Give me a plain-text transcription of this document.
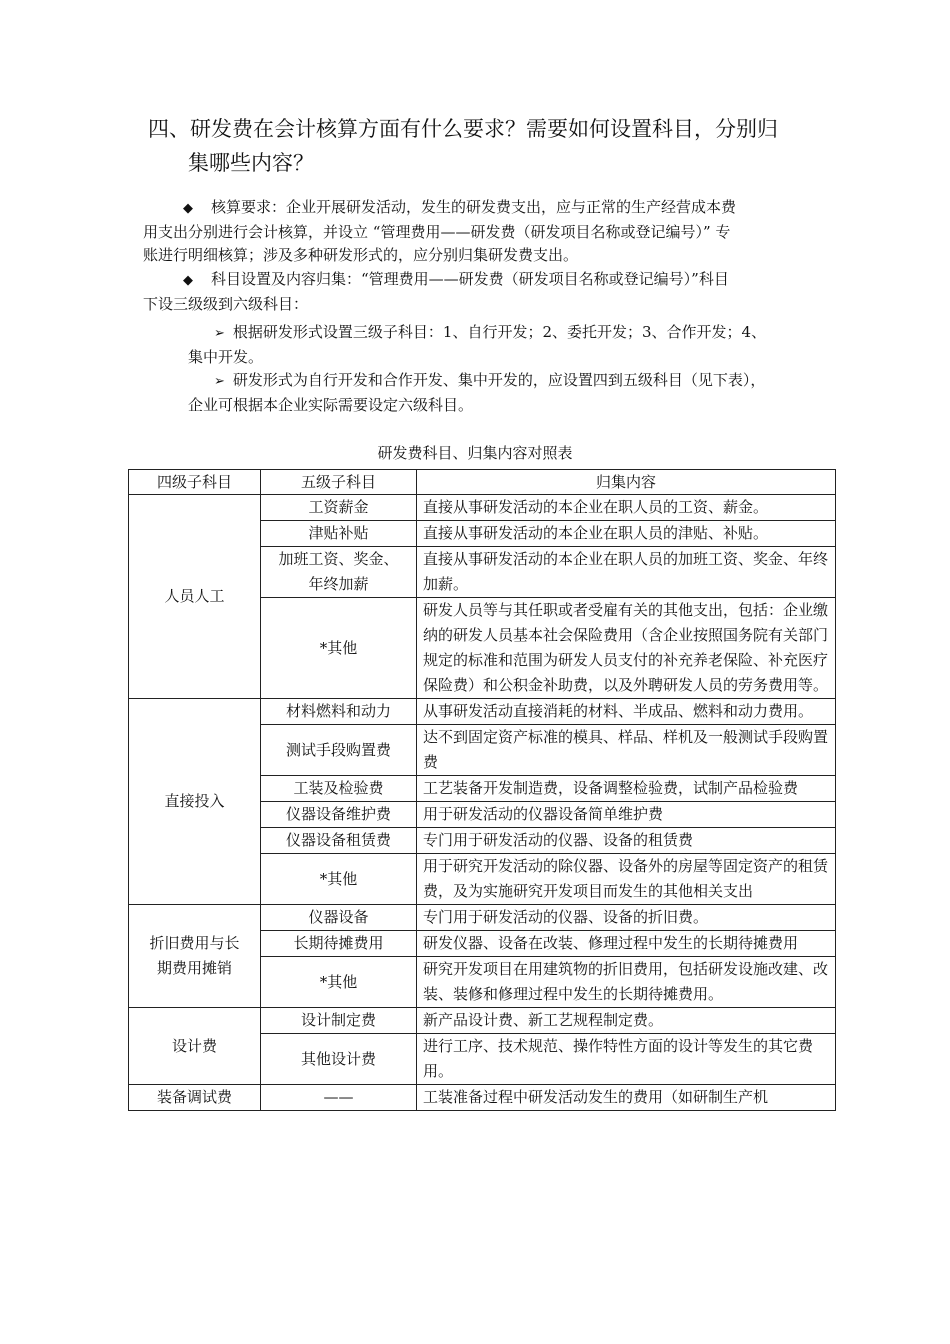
四、研发费在会计核算方面有什么要求？需要如何设置科目，分别归
集哪些内容？
◆ 核算要求：企业开展研发活动，发生的研发费支出，应与正常的生产经营成本费
用支出分别进行会计核算，并设立 “管理费用——研发费（研发项目名称或登记编号）” 专
账进行明细核算；涉及多种研发形式的，应分别归集研发费支出。
◆ 科目设置及内容归集：“管理费用——研发费（研发项目名称或登记编号）”科目
下设三级级到六级科目：
➢ 根据研发形式设置三级子科目：1、自行开发；2、委托开发；3、合作开发；4、
集中开发。
➢ 研发形式为自行开发和合作开发、集中开发的，应设置四到五级科目（见下表），
企业可根据本企业实际需要设定六级科目。
研发费科目、归集内容对照表
四级子科目	五级子科目	归集内容
人员人工	工资薪金	直接从事研发活动的本企业在职人员的工资、薪金。
	津贴补贴	直接从事研发活动的本企业在职人员的津贴、补贴。
	加班工资、奖金、
年终加薪	直接从事研发活动的本企业在职人员的加班工资、奖金、年终加薪。
	*其他	研发人员等与其任职或者受雇有关的其他支出，包括：企业缴纳的研发人员基本社会保险费用（含企业按照国务院有关部门规定的标准和范围为研发人员支付的补充养老保险、补充医疗保险费）和公积金补助费，以及外聘研发人员的劳务费用等。
直接投入	材料燃料和动力	从事研发活动直接消耗的材料、半成品、燃料和动力费用。
	测试手段购置费	达不到固定资产标准的模具、样品、样机及一般测试手段购置费
	工装及检验费	工艺装备开发制造费，设备调整检验费，试制产品检验费
	仪器设备维护费	用于研发活动的仪器设备简单维护费
	仪器设备租赁费	专门用于研发活动的仪器、设备的租赁费
	*其他	用于研究开发活动的除仪器、设备外的房屋等固定资产的租赁费，及为实施研究开发项目而发生的其他相关支出
折旧费用与长
期费用摊销	仪器设备	专门用于研发活动的仪器、设备的折旧费。
	长期待摊费用	研发仪器、设备在改装、修理过程中发生的长期待摊费用
	*其他	研究开发项目在用建筑物的折旧费用，包括研发设施改建、改装、装修和修理过程中发生的长期待摊费用。
设计费	设计制定费	新产品设计费、新工艺规程制定费。
	其他设计费	进行工序、技术规范、操作特性方面的设计等发生的其它费用。
装备调试费	——	工装准备过程中研发活动发生的费用（如研制生产机
